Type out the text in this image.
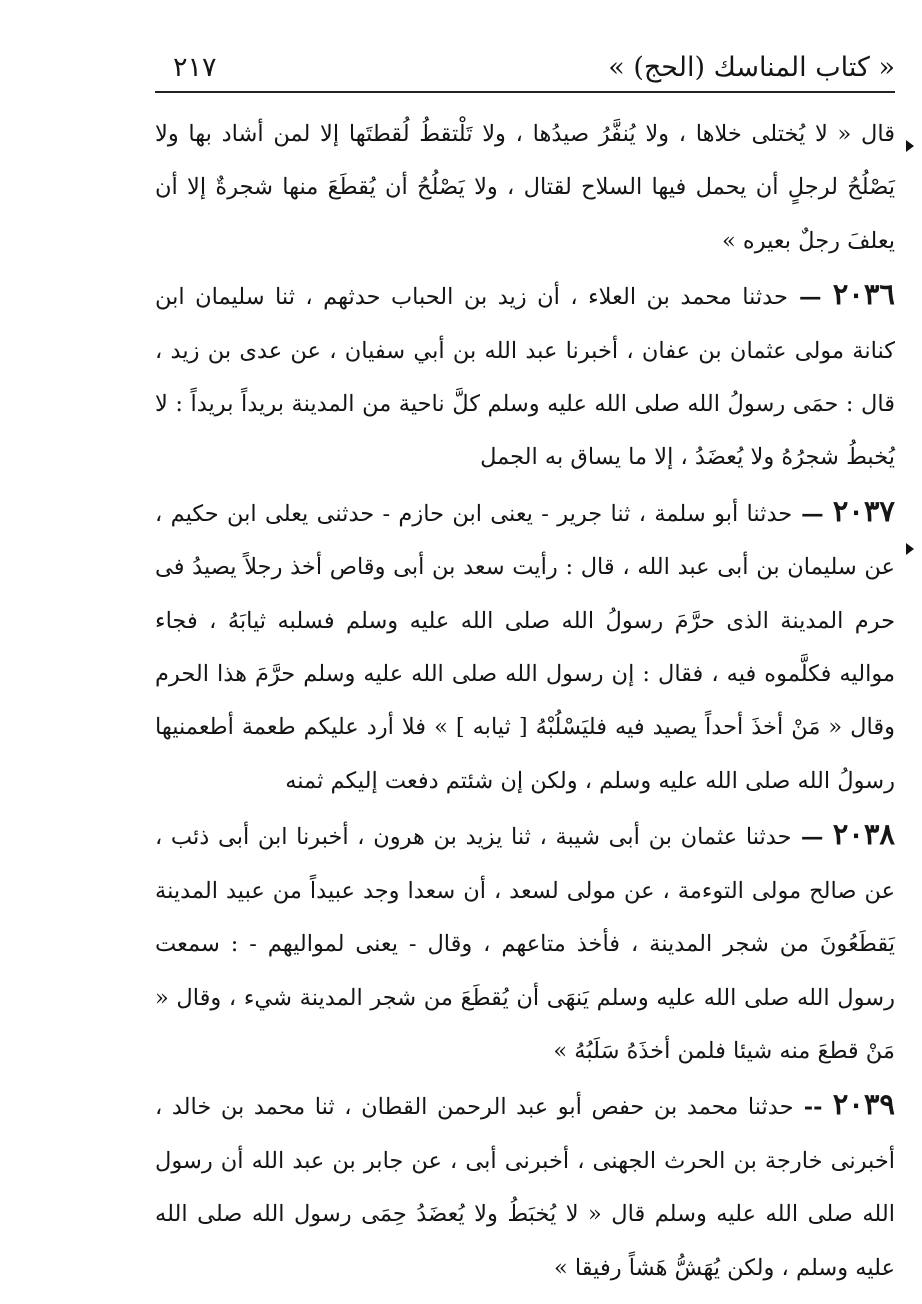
« كتاب المناسك (الحج) »
٢١٧

قال « لا يُختلى خلاها ، ولا يُنفَّرُ صيدُها ، ولا تَلْتقطُ لُقطتَها إلا لمن أشاد بها ولا يَصْلُحُ لرجلٍ أن يحمل فيها السلاح لقتال ، ولا يَصْلُحُ أن يُقطَعَ منها شجرةٌ إلا أن يعلفَ رجلٌ بعيره »

٢٠٣٦ — حدثنا محمد بن العلاء ، أن زيد بن الحباب حدثهم ، ثنا سليمان ابن كنانة مولى عثمان بن عفان ، أخبرنا عبد الله بن أبي سفيان ، عن عدى بن زيد ، قال : حمَى رسولُ الله صلى الله عليه وسلم كلَّ ناحية من المدينة بريداً بريداً : لا يُخبطُ شجرُهُ ولا يُعضَدُ ، إلا ما يساق به الجمل

٢٠٣٧ — حدثنا أبو سلمة ، ثنا جرير - يعنى ابن حازم - حدثنى يعلى ابن حكيم ، عن سليمان بن أبى عبد الله ، قال : رأيت سعد بن أبى وقاص أخذ رجلاً يصيدُ فى حرم المدينة الذى حرَّمَ رسولُ الله صلى الله عليه وسلم فسلبه ثيابَهُ ، فجاء مواليه فكلَّموه فيه ، فقال : إن رسول الله صلى الله عليه وسلم حرَّمَ هذا الحرم وقال « مَنْ أخذَ أحداً يصيد فيه فليَسْلُبْهُ [ ثيابه ] » فلا أرد عليكم طعمة أطعمنيها رسولُ الله صلى الله عليه وسلم ، ولكن إن شئتم دفعت إليكم ثمنه

٢٠٣٨ — حدثنا عثمان بن أبى شيبة ، ثنا يزيد بن هرون ، أخبرنا ابن أبى ذئب ، عن صالح مولى التوءمة ، عن مولى لسعد ، أن سعدا وجد عبيداً من عبيد المدينة يَقطَعُونَ من شجر المدينة ، فأخذ متاعهم ، وقال - يعنى لمواليهم - : سمعت رسول الله صلى الله عليه وسلم يَنهَى أن يُقطَعَ من شجر المدينة شيء ، وقال « مَنْ قطعَ منه شيئا فلمن أخذَهُ سَلَبُهُ »

٢٠٣٩ -- حدثنا محمد بن حفص أبو عبد الرحمن القطان ، ثنا محمد بن خالد ، أخبرنى خارجة بن الحرث الجهنى ، أخبرنى أبى ، عن جابر بن عبد الله أن رسول الله صلى الله عليه وسلم قال « لا يُخبَطُ ولا يُعضَدُ حِمَى رسول الله صلى الله عليه وسلم ، ولكن يُهَشُّ هَشاً رفيقا »
